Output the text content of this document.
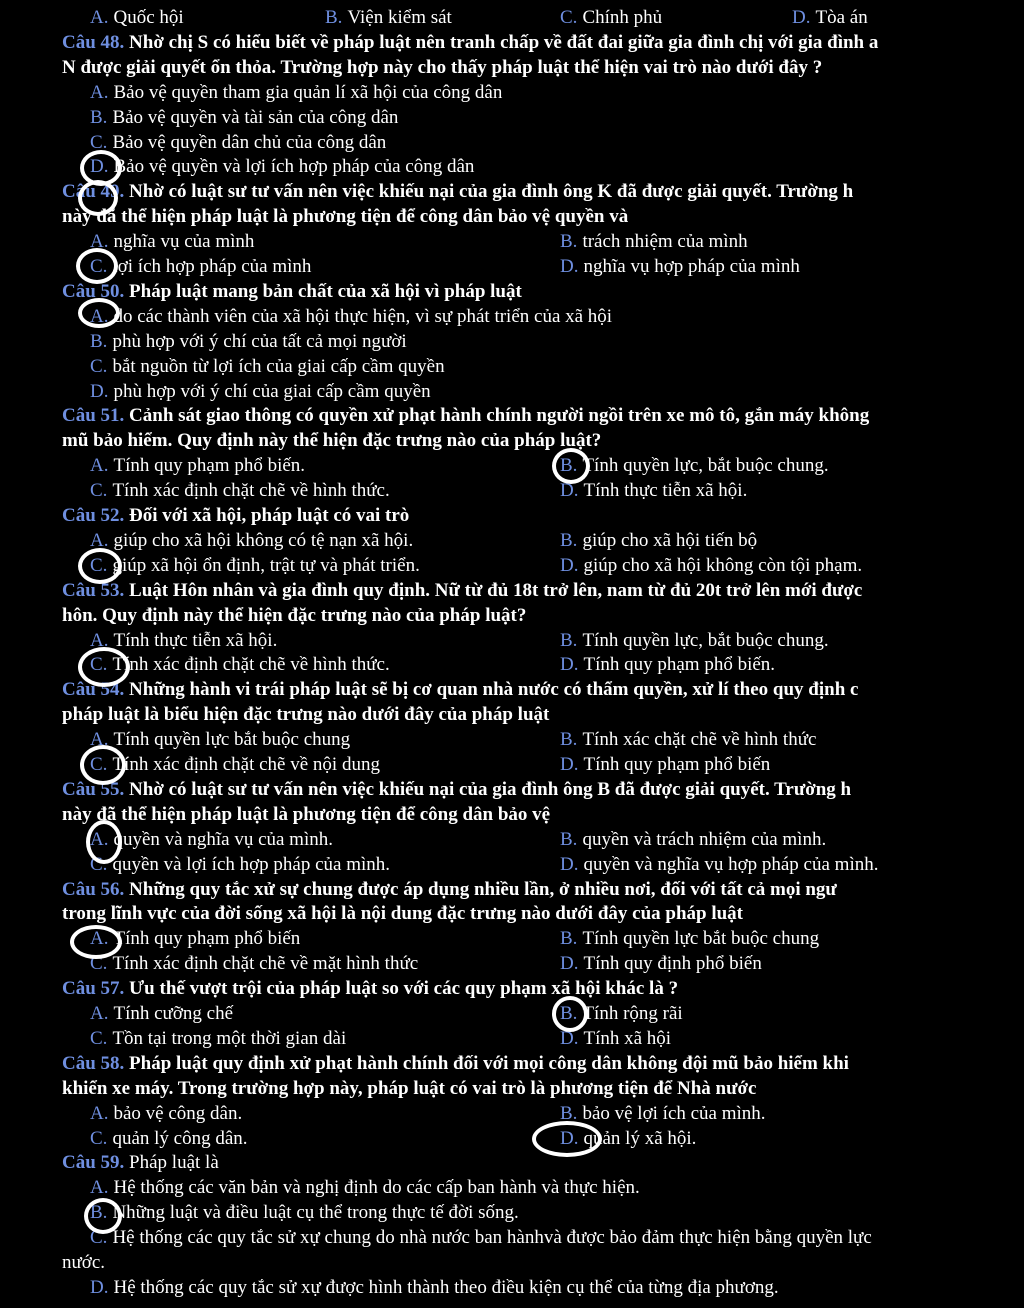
A. Quốc hội	B. Viện kiểm sát	C. Chính phủ	D. Tòa án
Câu 48. Nhờ chị S có hiểu biết về pháp luật nên tranh chấp về đất đai giữa gia đình chị với gia đình a
N được giải quyết ổn thỏa. Trường hợp này cho thấy pháp luật thể hiện vai trò nào dưới đây ?
A. Bảo vệ quyền tham gia quản lí xã hội của công dân
B. Bảo vệ quyền và tài sản của công dân
C. Bảo vệ quyền dân chủ của công dân
D. Bảo vệ quyền và lợi ích hợp pháp của công dân
Câu 49. Nhờ có luật sư tư vấn nên việc khiếu nại của gia đình ông K đã được giải quyết. Trường h
này đã thể hiện pháp luật là phương tiện để công dân bảo vệ quyền và
A. nghĩa vụ của mình	B. trách nhiệm của mình
C. lợi ích hợp pháp của mình	D. nghĩa vụ hợp pháp của mình
Câu 50. Pháp luật mang bản chất của xã hội vì pháp luật
A. do các thành viên của xã hội thực hiện, vì sự phát triển của xã hội
B. phù hợp với ý chí của tất cả mọi người
C. bắt nguồn từ lợi ích của giai cấp cầm quyền
D. phù hợp với ý chí của giai cấp cầm quyền
Câu 51. Cảnh sát giao thông có quyền xử phạt hành chính người ngồi trên xe mô tô, gắn máy không
mũ bảo hiểm. Quy định này thể hiện đặc trưng nào của pháp luật?
A. Tính quy phạm phổ biến.	B. Tính quyền lực, bắt buộc chung.
C. Tính xác định chặt chẽ về hình thức.	D. Tính thực tiễn xã hội.
Câu 52. Đối với xã hội, pháp luật có vai trò
A. giúp cho xã hội không có tệ nạn xã hội.	B. giúp cho xã hội tiến bộ
C. giúp xã hội ổn định, trật tự và phát triển.	D. giúp cho xã hội không còn tội phạm.
Câu 53. Luật Hôn nhân và gia đình quy định. Nữ từ đủ 18t trở lên, nam từ đủ 20t trở lên mới được
hôn. Quy định này thể hiện đặc trưng nào của pháp luật?
A. Tính thực tiễn xã hội.	B. Tính quyền lực, bắt buộc chung.
C. Tính xác định chặt chẽ về hình thức.	D. Tính quy phạm phổ biến.
Câu 54. Những hành vi trái pháp luật sẽ bị cơ quan nhà nước có thẩm quyền, xử lí theo quy định c
pháp luật là biểu hiện đặc trưng nào dưới đây của pháp luật
A. Tính quyền lực bắt buộc chung	B. Tính xác chặt chẽ về hình thức
C. Tính xác định chặt chẽ về nội dung	D. Tính quy phạm phổ biến
Câu 55. Nhờ có luật sư tư vấn nên việc khiếu nại của gia đình ông B đã được giải quyết. Trường h
này đã thể hiện pháp luật là phương tiện để công dân bảo vệ
A. quyền và nghĩa vụ của mình.	B. quyền và trách nhiệm của mình.
C. quyền và lợi ích hợp pháp của mình.	D. quyền và nghĩa vụ hợp pháp của mình.
Câu 56. Những quy tắc xử sự chung được áp dụng nhiều lần, ở nhiều nơi, đối với tất cả mọi ngư
trong lĩnh vực của đời sống xã hội là nội dung đặc trưng nào dưới đây của pháp luật
A. Tính quy phạm phổ biến	B. Tính quyền lực bắt buộc chung
C. Tính xác định chặt chẽ về mặt hình thức	D. Tính quy định phổ biến
Câu 57. Ưu thế vượt trội của pháp luật so với các quy phạm xã hội khác là ?
A. Tính cưỡng chế	B. Tính rộng rãi
C. Tồn tại trong một thời gian dài	D. Tính xã hội
Câu 58. Pháp luật quy định xử phạt hành chính đối với mọi công dân không đội mũ bảo hiểm khi
khiển xe máy. Trong trường hợp này, pháp luật có vai trò là phương tiện để Nhà nước
A. bảo vệ công dân.	B. bảo vệ lợi ích của mình.
C. quản lý công dân.	D. quản lý xã hội.
Câu 59. Pháp luật là
A. Hệ thống các văn bản và nghị định do các cấp ban hành và thực hiện.
B. Những luật và điều luật cụ thể trong thực tế đời sống.
C. Hệ thống các quy tắc sử xự chung do nhà nước ban hànhvà được bảo đảm thực hiện bằng quyền lực
nước.
D. Hệ thống các quy tắc sử xự được hình thành theo điều kiện cụ thể của từng địa phương.
